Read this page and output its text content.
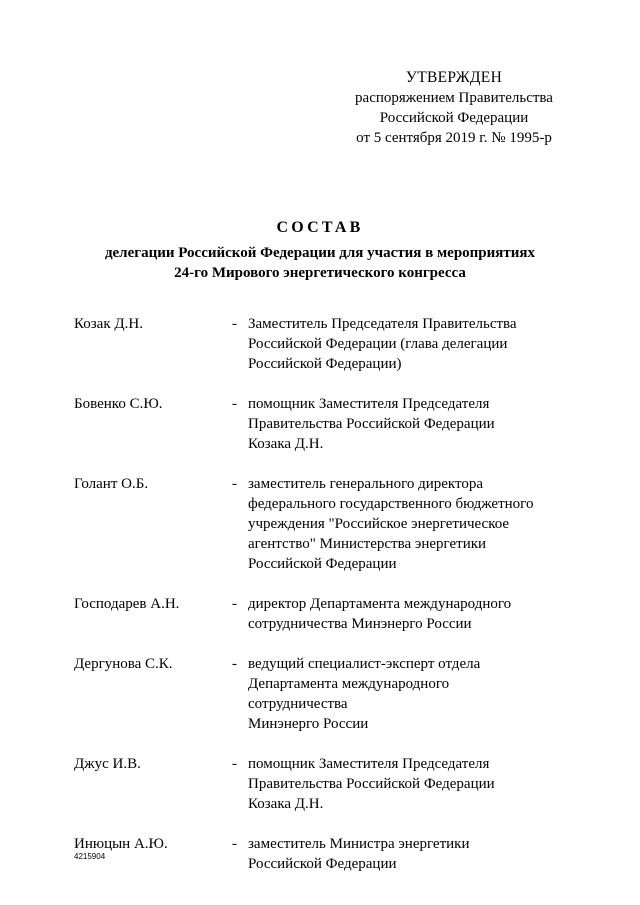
УТВЕРЖДЕН
распоряжением Правительства
Российской Федерации
от 5 сентября 2019 г. № 1995-р
СОСТАВ
делегации Российской Федерации для участия в мероприятиях
24-го Мирового энергетического конгресса
Козак Д.Н.	- Заместитель Председателя Правительства
Российской Федерации (глава делегации
Российской Федерации)
Бовенко С.Ю.	- помощник Заместителя Председателя
Правительства Российской Федерации
Козака Д.Н.
Голант О.Б.	- заместитель генерального директора
федерального государственного бюджетного
учреждения "Российское энергетическое
агентство" Министерства энергетики
Российской Федерации
Господарев А.Н.	- директор Департамента международного
сотрудничества Минэнерго России
Дергунова С.К.	- ведущий специалист-эксперт отдела
Департамента международного
сотрудничества
Минэнерго России
Джус И.В.	- помощник Заместителя Председателя
Правительства Российской Федерации
Козака Д.Н.
Инюцын А.Ю.	- заместитель Министра энергетики
Российской Федерации
4215904
